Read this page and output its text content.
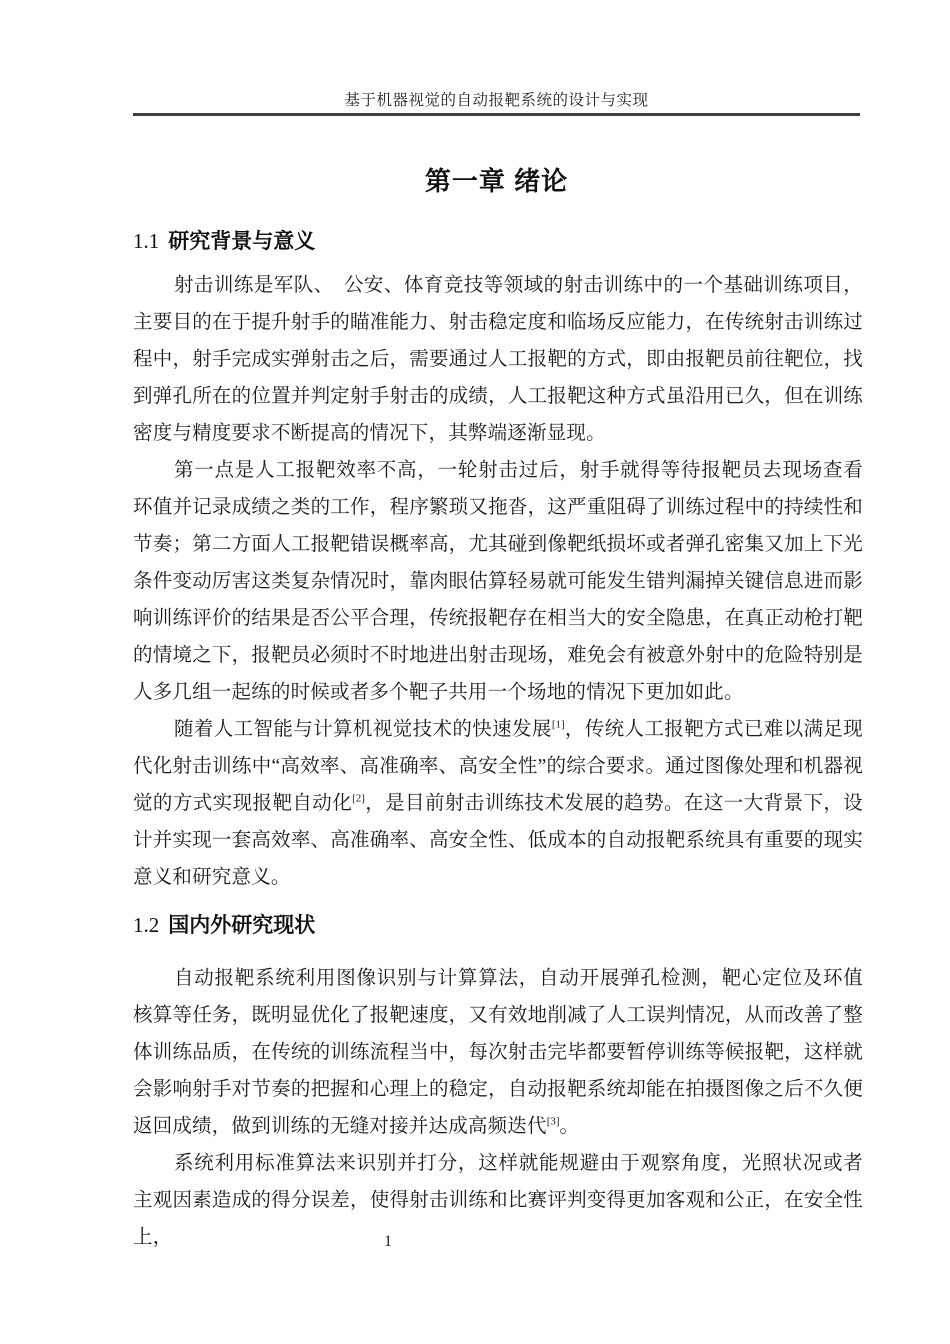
基于机器视觉的自动报靶系统的设计与实现
第一章 绪论
1.1 研究背景与意义

射击训练是军队、　公安、体育竞技等领域的射击训练中的一个基础训练项目，主要目的在于提升射手的瞄准能力、射击稳定度和临场反应能力，在传统射击训练过程中，射手完成实弹射击之后，需要通过人工报靶的方式，即由报靶员前往靶位，找到弹孔所在的位置并判定射手射击的成绩，人工报靶这种方式虽沿用已久，但在训练密度与精度要求不断提高的情况下，其弊端逐渐显现。

第一点是人工报靶效率不高，一轮射击过后，射手就得等待报靶员去现场查看环值并记录成绩之类的工作，程序繁琐又拖沓，这严重阻碍了训练过程中的持续性和节奏；第二方面人工报靶错误概率高，尤其碰到像靶纸损坏或者弹孔密集又加上下光条件变动厉害这类复杂情况时，靠肉眼估算轻易就可能发生错判漏掉关键信息进而影响训练评价的结果是否公平合理，传统报靶存在相当大的安全隐患，在真正动枪打靶的情境之下，报靶员必须时不时地进出射击现场，难免会有被意外射中的危险特别是人多几组一起练的时候或者多个靶子共用一个场地的情况下更加如此。

随着人工智能与计算机视觉技术的快速发展[1]，传统人工报靶方式已难以满足现代化射击训练中“高效率、高准确率、高安全性”的综合要求。通过图像处理和机器视觉的方式实现报靶自动化[2]，是目前射击训练技术发展的趋势。在这一大背景下，设计并实现一套高效率、高准确率、高安全性、低成本的自动报靶系统具有重要的现实意义和研究意义。

1.2 国内外研究现状

自动报靶系统利用图像识别与计算算法，自动开展弹孔检测，靶心定位及环值核算等任务，既明显优化了报靶速度，又有效地削减了人工误判情况，从而改善了整体训练品质，在传统的训练流程当中，每次射击完毕都要暂停训练等候报靶，这样就会影响射手对节奏的把握和心理上的稳定，自动报靶系统却能在拍摄图像之后不久便返回成绩，做到训练的无缝对接并达成高频迭代[3]。

系统利用标准算法来识别并打分，这样就能规避由于观察角度，光照状况或者主观因素造成的得分误差，使得射击训练和比赛评判变得更加客观和公正，在安全性上，	1
